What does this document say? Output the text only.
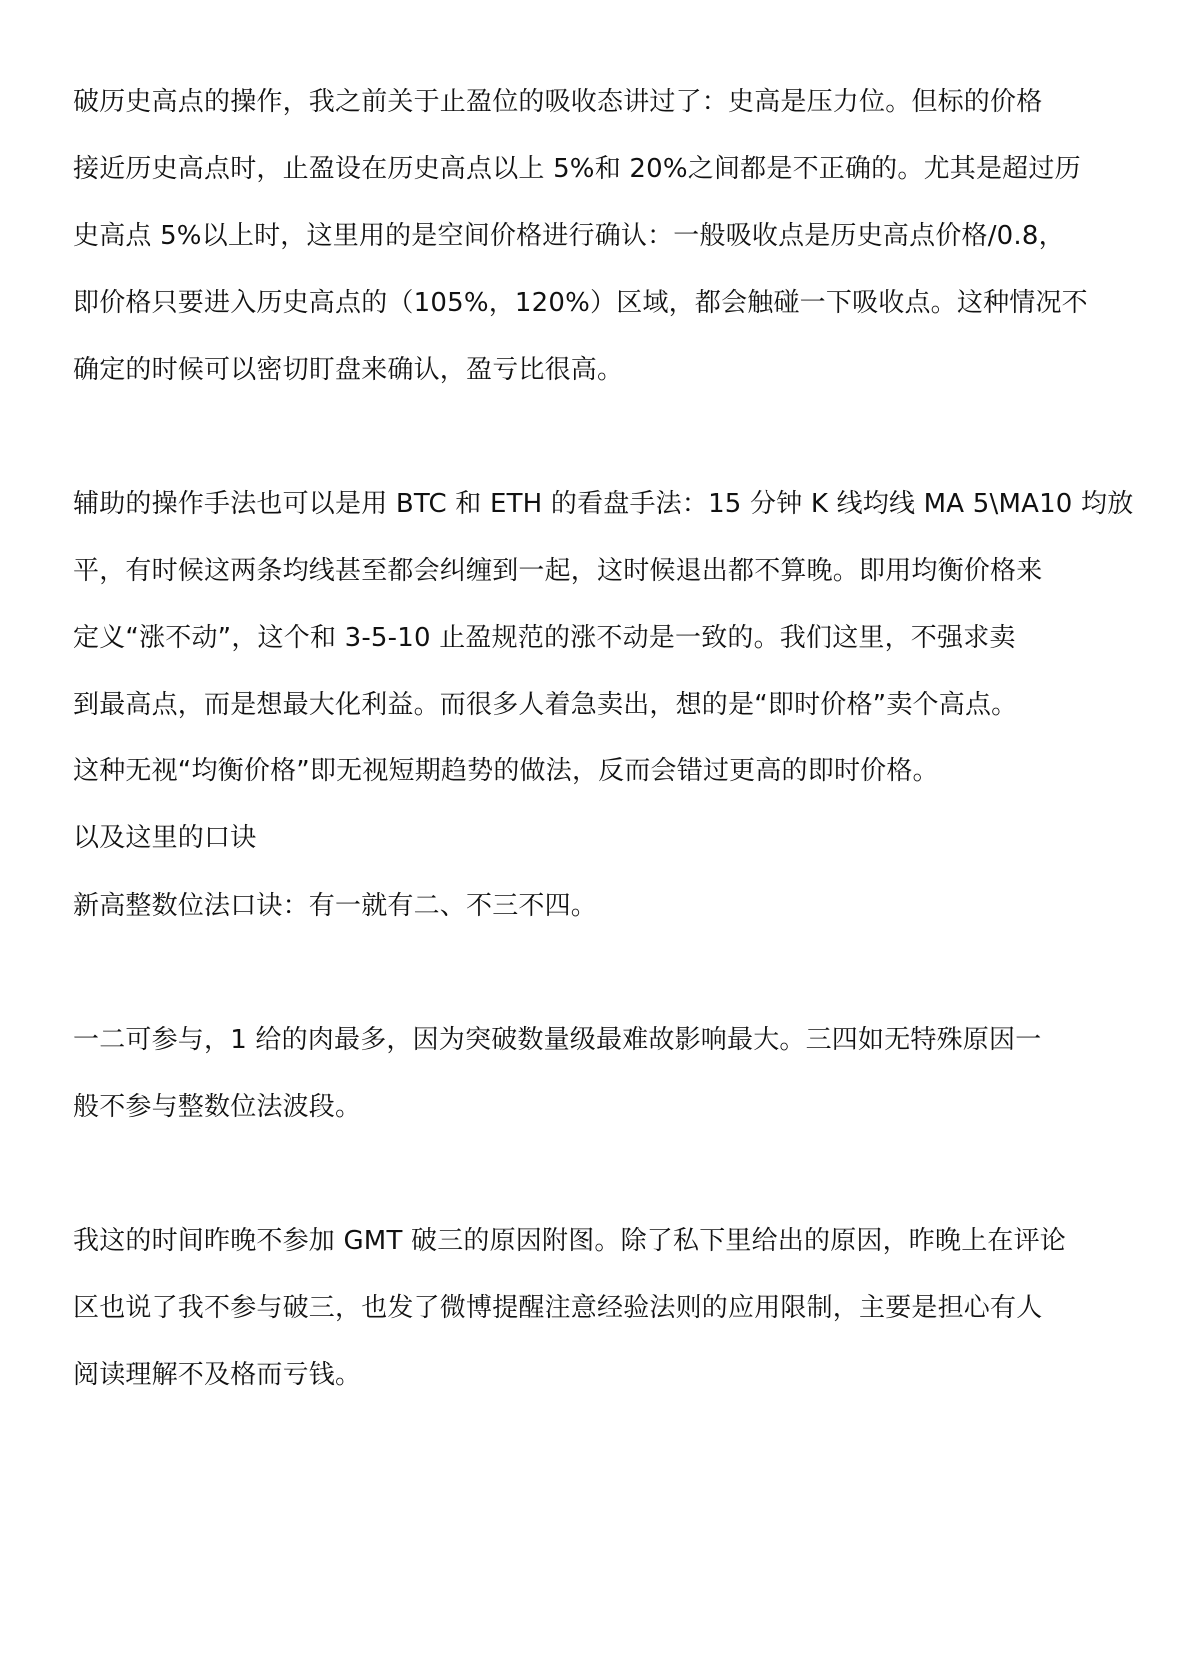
破历史高点的操作，我之前关于止盈位的吸收态讲过了：史高是压力位。但标的价格
接近历史高点时，止盈设在历史高点以上 5%和 20%之间都是不正确的。尤其是超过历
史高点 5%以上时，这里用的是空间价格进行确认：一般吸收点是历史高点价格/0.8，
即价格只要进入历史高点的（105%，120%）区域，都会触碰一下吸收点。这种情况不
确定的时候可以密切盯盘来确认，盈亏比很高。
辅助的操作手法也可以是用 BTC 和 ETH 的看盘手法：15 分钟 K 线均线 MA 5\MA10 均放
平，有时候这两条均线甚至都会纠缠到一起，这时候退出都不算晚。即用均衡价格来
定义“涨不动”，这个和 3-5-10 止盈规范的涨不动是一致的。我们这里，不强求卖
到最高点，而是想最大化利益。而很多人着急卖出，想的是“即时价格”卖个高点。
这种无视“均衡价格”即无视短期趋势的做法，反而会错过更高的即时价格。
以及这里的口诀
新高整数位法口诀：有一就有二、不三不四。
一二可参与，1 给的肉最多，因为突破数量级最难故影响最大。三四如无特殊原因一
般不参与整数位法波段。
我这的时间昨晚不参加 GMT 破三的原因附图。除了私下里给出的原因，昨晚上在评论
区也说了我不参与破三，也发了微博提醒注意经验法则的应用限制，主要是担心有人
阅读理解不及格而亏钱。
